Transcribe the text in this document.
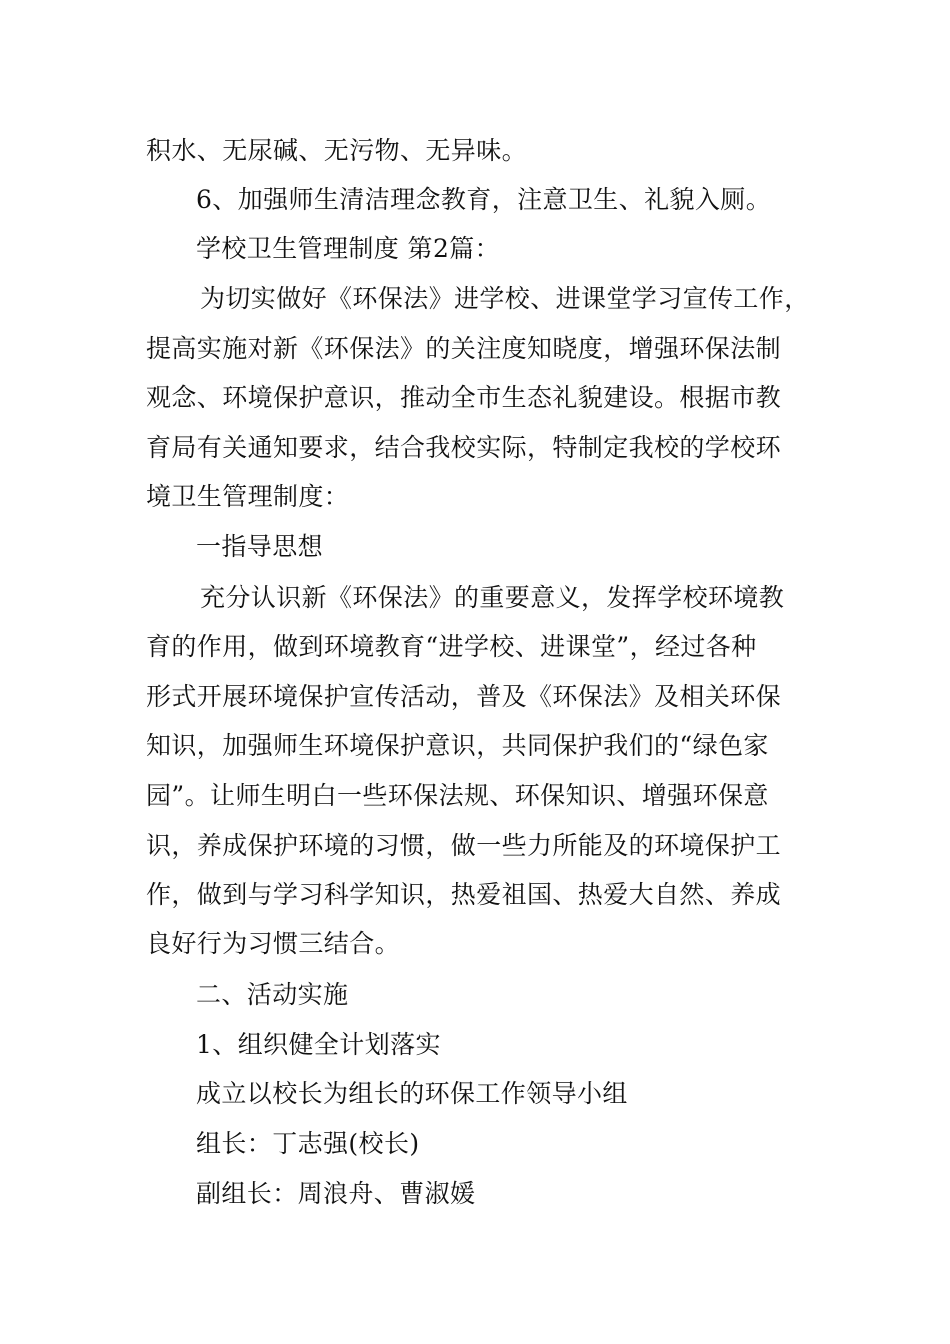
积水、无尿碱、无污物、无异味。
6、加强师生清洁理念教育，注意卫生、礼貌入厕。
学校卫生管理制度 第2篇：
为切实做好《环保法》进学校、进课堂学习宣传工作，
提高实施对新《环保法》的关注度知晓度，增强环保法制
观念、环境保护意识，推动全市生态礼貌建设。根据市教
育局有关通知要求，结合我校实际，特制定我校的学校环
境卫生管理制度：
一指导思想
充分认识新《环保法》的重要意义，发挥学校环境教
育的作用，做到环境教育“进学校、进课堂”，经过各种
形式开展环境保护宣传活动，普及《环保法》及相关环保
知识，加强师生环境保护意识，共同保护我们的“绿色家
园”。让师生明白一些环保法规、环保知识、增强环保意
识，养成保护环境的习惯，做一些力所能及的环境保护工
作，做到与学习科学知识，热爱祖国、热爱大自然、养成
良好行为习惯三结合。
二、活动实施
1、组织健全计划落实
成立以校长为组长的环保工作领导小组
组长：丁志强(校长)
副组长：周浪舟、曹淑媛
